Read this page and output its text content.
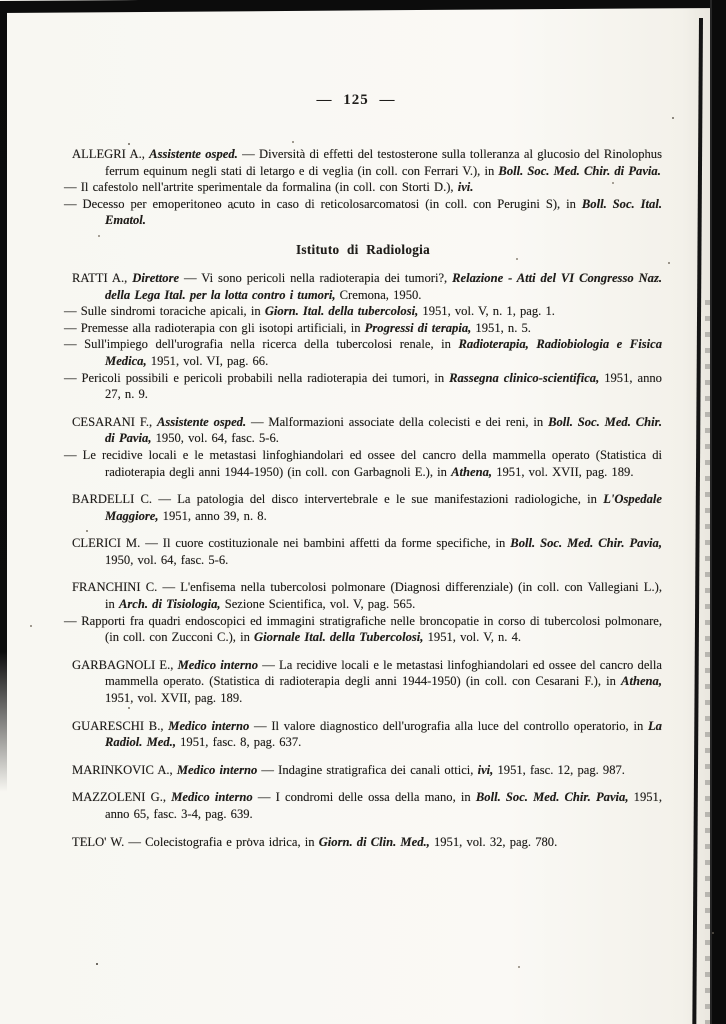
— 125 —

ALLEGRI A., Assistente osped. — Diversità di effetti del testosterone sulla tolleranza al glucosio del Rinolophus ferrum equinum negli stati di letargo e di veglia (in coll. con Ferrari V.), in Boll. Soc. Med. Chir. di Pavia.

— Il cafestolo nell'artrite sperimentale da formalina (in coll. con Storti D.), ivi.

— Decesso per emoperitoneo acuto in caso di reticolosarcomatosi (in coll. con Perugini S), in Boll. Soc. Ital. Ematol.

Istituto di Radiologia

RATTI A., Direttore — Vi sono pericoli nella radioterapia dei tumori?, Relazione - Atti del VI Congresso Naz. della Lega Ital. per la lotta contro i tumori, Cremona, 1950.

— Sulle sindromi toraciche apicali, in Giorn. Ital. della tubercolosi, 1951, vol. V, n. 1, pag. 1.

— Premesse alla radioterapia con gli isotopi artificiali, in Progressi di terapia, 1951, n. 5.

— Sull'impiego dell'urografia nella ricerca della tubercolosi renale, in Radioterapia, Radiobiologia e Fisica Medica, 1951, vol. VI, pag. 66.

— Pericoli possibili e pericoli probabili nella radioterapia dei tumori, in Rassegna clinico-scientifica, 1951, anno 27, n. 9.

CESARANI F., Assistente osped. — Malformazioni associate della colecisti e dei reni, in Boll. Soc. Med. Chir. di Pavia, 1950, vol. 64, fasc. 5-6.

— Le recidive locali e le metastasi linfoghiandolari ed ossee del cancro della mammella operato (Statistica di radioterapia degli anni 1944-1950) (in coll. con Garbagnoli E.), in Athena, 1951, vol. XVII, pag. 189.

BARDELLI C. — La patologia del disco intervertebrale e le sue manifestazioni radiologiche, in L'Ospedale Maggiore, 1951, anno 39, n. 8.

CLERICI M. — Il cuore costituzionale nei bambini affetti da forme specifiche, in Boll. Soc. Med. Chir. Pavia, 1950, vol. 64, fasc. 5-6.

FRANCHINI C. — L'enfisema nella tubercolosi polmonare (Diagnosi differenziale) (in coll. con Vallegiani L.), in Arch. di Tisiologia, Sezione Scientifica, vol. V, pag. 565.

— Rapporti fra quadri endoscopici ed immagini stratigrafiche nelle broncopatie in corso di tubercolosi polmonare, (in coll. con Zucconi C.), in Giornale Ital. della Tubercolosi, 1951, vol. V, n. 4.

GARBAGNOLI E., Medico interno — La recidive locali e le metastasi linfoghiandolari ed ossee del cancro della mammella operato. (Statistica di radioterapia degli anni 1944-1950) (in coll. con Cesarani F.), in Athena, 1951, vol. XVII, pag. 189.

GUARESCHI B., Medico interno — Il valore diagnostico dell'urografia alla luce del controllo operatorio, in La Radiol. Med., 1951, fasc. 8, pag. 637.

MARINKOVIC A., Medico interno — Indagine stratigrafica dei canali ottici, ivi, 1951, fasc. 12, pag. 987.

MAZZOLENI G., Medico interno — I condromi delle ossa della mano, in Boll. Soc. Med. Chir. Pavia, 1951, anno 65, fasc. 3-4, pag. 639.

TELO' W. — Colecistografia e prova idrica, in Giorn. di Clin. Med., 1951, vol. 32, pag. 780.
